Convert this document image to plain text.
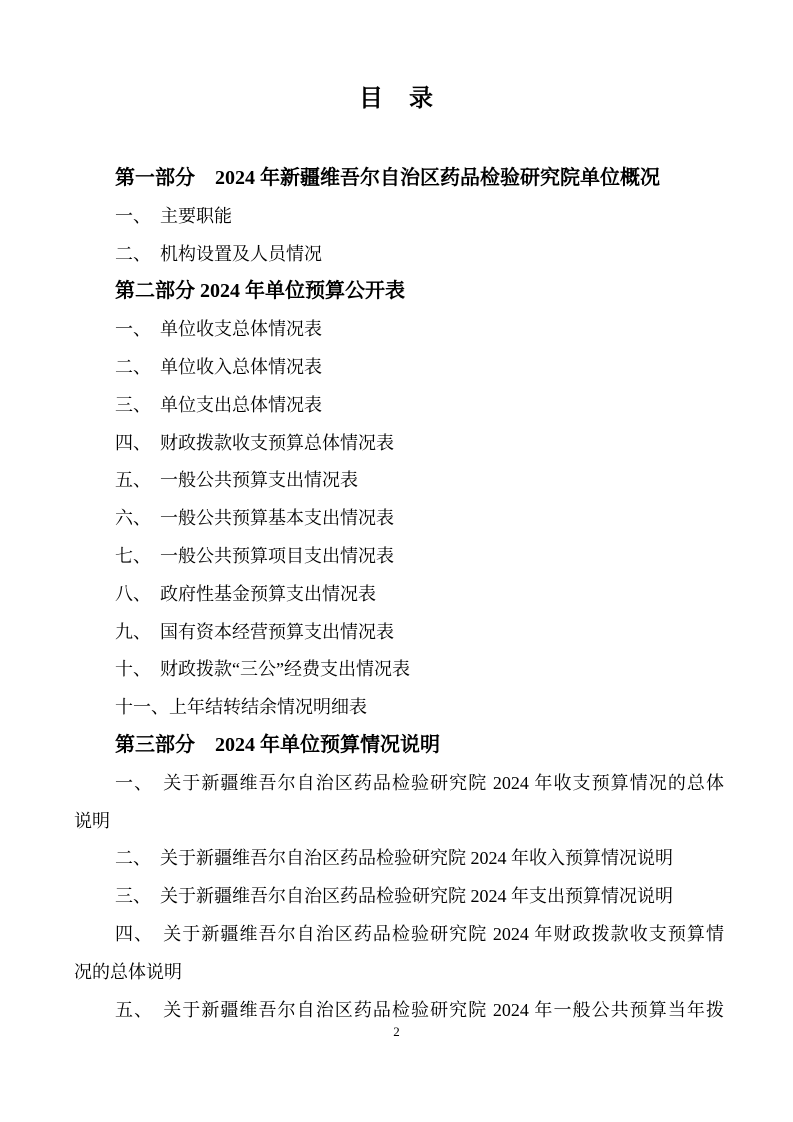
目　录
第一部分　2024 年新疆维吾尔自治区药品检验研究院单位概况
一、　主要职能
二、　机构设置及人员情况
第二部分 2024 年单位预算公开表
一、　单位收支总体情况表
二、　单位收入总体情况表
三、　单位支出总体情况表
四、　财政拨款收支预算总体情况表
五、　一般公共预算支出情况表
六、　一般公共预算基本支出情况表
七、　一般公共预算项目支出情况表
八、　政府性基金预算支出情况表
九、　国有资本经营预算支出情况表
十、　财政拨款“三公”经费支出情况表
十一、上年结转结余情况明细表
第三部分　2024 年单位预算情况说明
一、　关于新疆维吾尔自治区药品检验研究院 2024 年收支预算情况的总体
说明
二、　关于新疆维吾尔自治区药品检验研究院 2024 年收入预算情况说明
三、　关于新疆维吾尔自治区药品检验研究院 2024 年支出预算情况说明
四、　关于新疆维吾尔自治区药品检验研究院 2024 年财政拨款收支预算情
况的总体说明
五、　关于新疆维吾尔自治区药品检验研究院 2024 年一般公共预算当年拨
2
